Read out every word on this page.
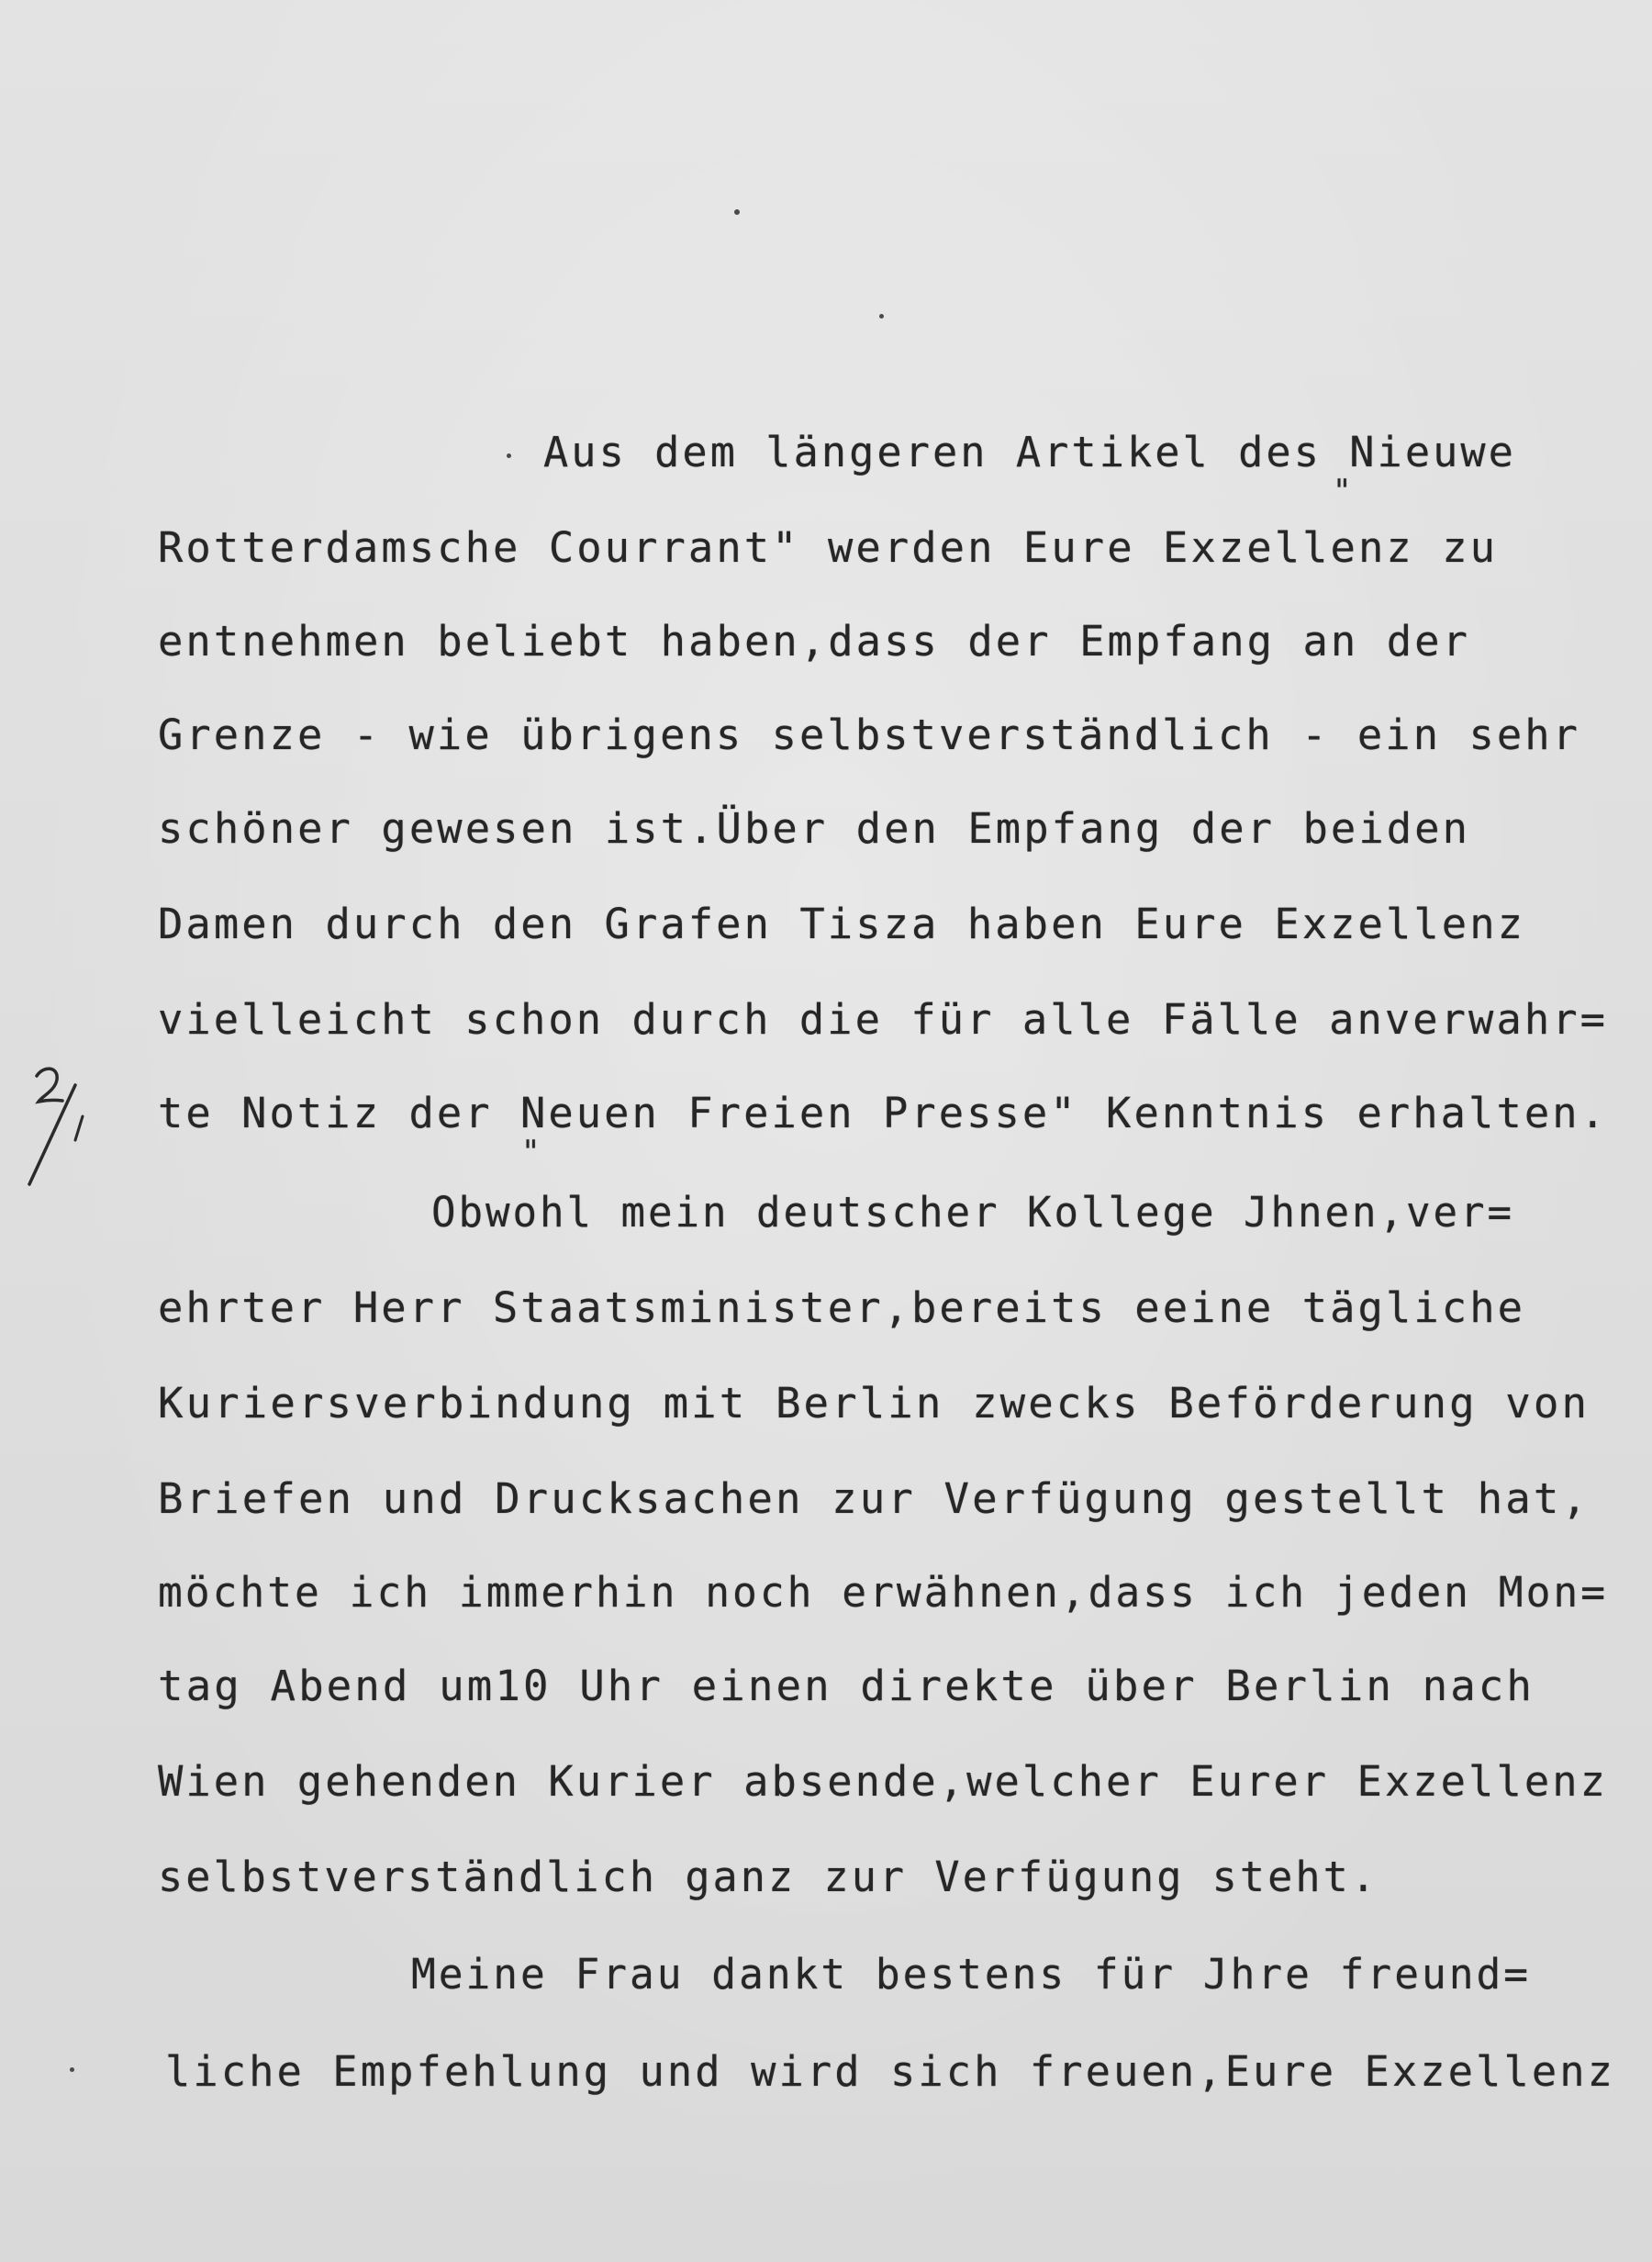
Aus dem längeren Artikel des Nieuwe
"
Rotterdamsche Courrant" werden Eure Exzellenz zu
entnehmen beliebt haben,dass der Empfang an der
Grenze - wie übrigens selbstverständlich - ein sehr
schöner gewesen ist.Über den Empfang der beiden
Damen durch den Grafen Tisza haben Eure Exzellenz
vielleicht schon durch die für alle Fälle anverwahr=
te Notiz der Neuen Freien Presse" Kenntnis erhalten.
"
Obwohl mein deutscher Kollege Jhnen,ver=
ehrter Herr Staatsminister,bereits eeine tägliche
Kuriersverbindung mit Berlin zwecks Beförderung von
Briefen und Drucksachen zur Verfügung gestellt hat,
möchte ich immerhin noch erwähnen,dass ich jeden Mon=
tag Abend um10 Uhr einen direkte über Berlin nach
Wien gehenden Kurier absende,welcher Eurer Exzellenz
selbstverständlich ganz zur Verfügung steht.
Meine Frau dankt bestens für Jhre freund=
liche Empfehlung und wird sich freuen,Eure Exzellenz
